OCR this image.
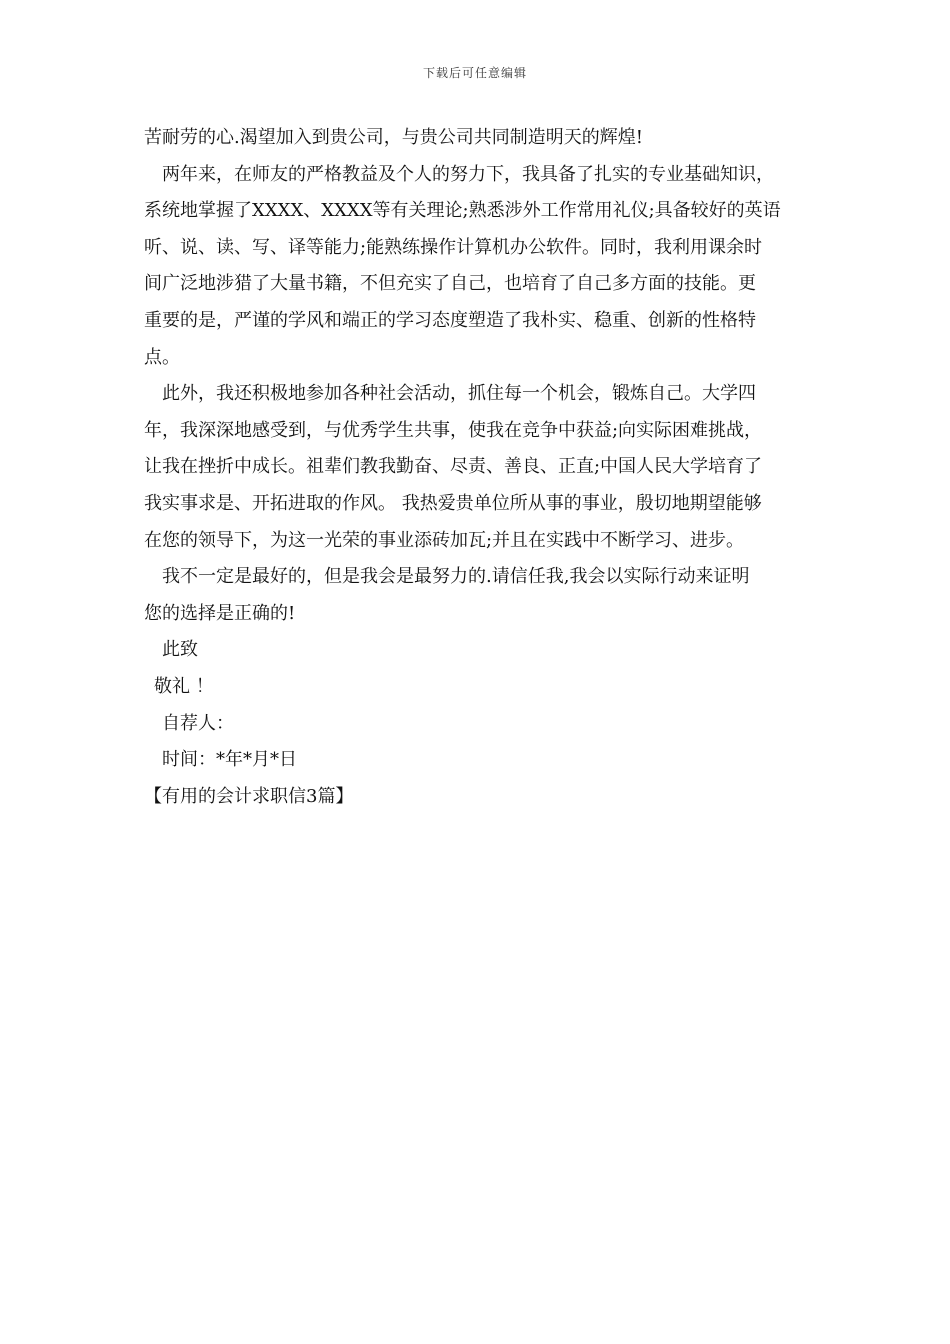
下载后可任意编辑
苦耐劳的心.渴望加入到贵公司，与贵公司共同制造明天的辉煌!
两年来，在师友的严格教益及个人的努力下，我具备了扎实的专业基础知识，
系统地掌握了XXXX、XXXX等有关理论;熟悉涉外工作常用礼仪;具备较好的英语
听、说、读、写、译等能力;能熟练操作计算机办公软件。同时，我利用课余时
间广泛地涉猎了大量书籍，不但充实了自己，也培育了自己多方面的技能。更
重要的是，严谨的学风和端正的学习态度塑造了我朴实、稳重、创新的性格特
点。
此外，我还积极地参加各种社会活动，抓住每一个机会，锻炼自己。大学四
年，我深深地感受到，与优秀学生共事，使我在竞争中获益;向实际困难挑战，
让我在挫折中成长。祖辈们教我勤奋、尽责、善良、正直;中国人民大学培育了
我实事求是、开拓进取的作风。 我热爱贵单位所从事的事业，殷切地期望能够
在您的领导下，为这一光荣的事业添砖加瓦;并且在实践中不断学习、进步。
我不一定是最好的，但是我会是最努力的.请信任我,我会以实际行动来证明
您的选择是正确的!
此致
敬礼 ！
自荐人：
时间：*年*月*日
【有用的会计求职信3篇】
